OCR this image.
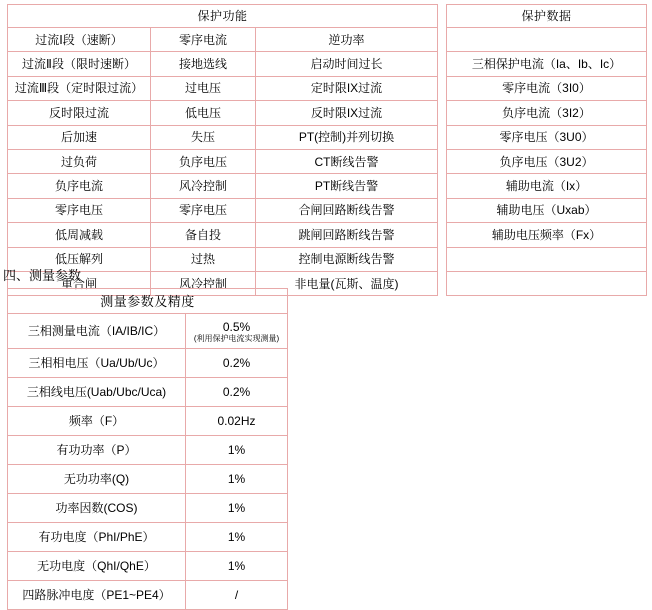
保护功能		
过流Ⅰ段（速断）	零序电流	逆功率
过流Ⅱ段（限时速断）	接地选线	启动时间过长
过流Ⅲ段（定时限过流）	过电压	定时限IX过流
反时限过流	低电压	反时限IX过流
后加速	失压	PT(控制)并列切换
过负荷	负序电压	CT断线告警
负序电流	风冷控制	PT断线告警
零序电压	零序电压	合闸回路断线告警
低周减载	备自投	跳闸回路断线告警
低压解列	过热	控制电源断线告警
重合闸	风冷控制	非电量(瓦斯、温度)
保护数据

三相保护电流（Ia、Ib、Ic）
零序电流（3I0）
负序电流（3I2）
零序电压（3U0）
负序电压（3U2）
辅助电流（Ix）
辅助电压（Uxab）
辅助电压频率（Fx）

四、测量参数
测量参数及精度	
三相测量电流（IA/IB/IC）	0.5%
(利用保护电流实现测量)

三相相电压（Ua/Ub/Uc）	0.2%
三相线电压(Uab/Ubc/Uca)	0.2%
频率（F）	0.02Hz
有功功率（P）	1%
无功功率(Q)	1%
功率因数(COS)	1%
有功电度（PhI/PhE）	1%
无功电度（QhI/QhE）	1%
四路脉冲电度（PE1~PE4）	/
